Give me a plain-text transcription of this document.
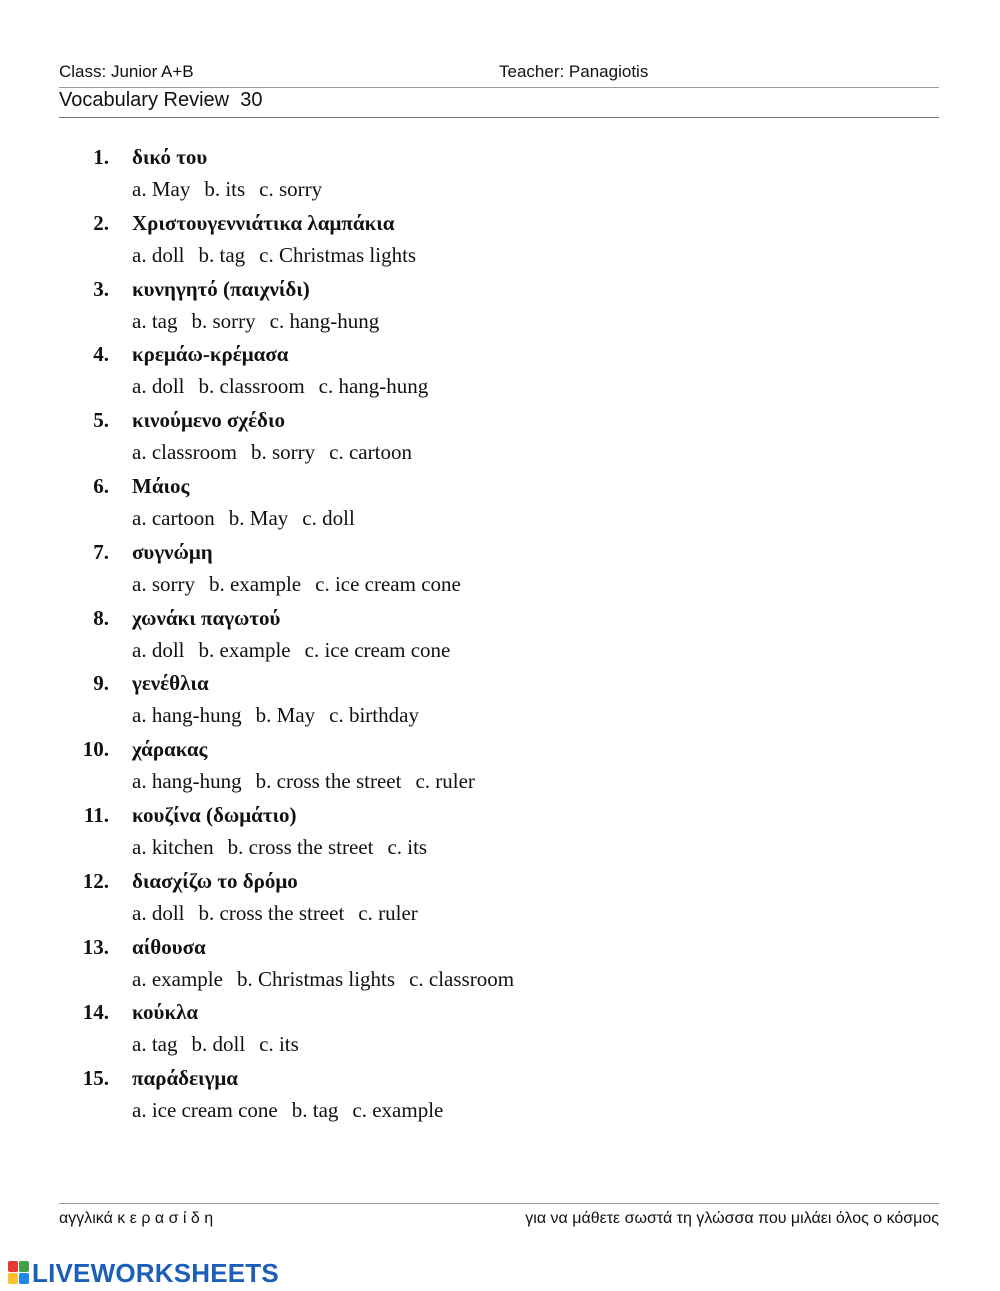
Class: Junior A+B	Teacher: Panagiotis
Vocabulary Review  30
1. δικό του
a. May b. its c. sorry
2. Χριστουγεννιάτικα λαμπάκια
a. doll b. tag c. Christmas lights
3. κυνηγητό (παιχνίδι)
a. tag b. sorry c. hang-hung
4. κρεμάω-κρέμασα
a. doll b. classroom c. hang-hung
5. κινούμενο σχέδιο
a. classroom b. sorry c. cartoon
6. Μάιος
a. cartoon b. May c. doll
7. συγνώμη
a. sorry b. example c. ice cream cone
8. χωνάκι παγωτού
a. doll b. example c. ice cream cone
9. γενέθλια
a. hang-hung b. May c. birthday
10. χάρακας
a. hang-hung b. cross the street c. ruler
11. κουζίνα (δωμάτιο)
a. kitchen b. cross the street c. its
12. διασχίζω το δρόμο
a. doll b. cross the street c. ruler
13. αίθουσα
a. example b. Christmas lights c. classroom
14. κούκλα
a. tag b. doll c. its
15. παράδειγμα
a. ice cream cone b. tag c. example
αγγλικά κ ε ρ α σ ί δ η	για να μάθετε σωστά τη γλώσσα που μιλάει όλος ο κόσμος
LIVEWORKSHEETS
